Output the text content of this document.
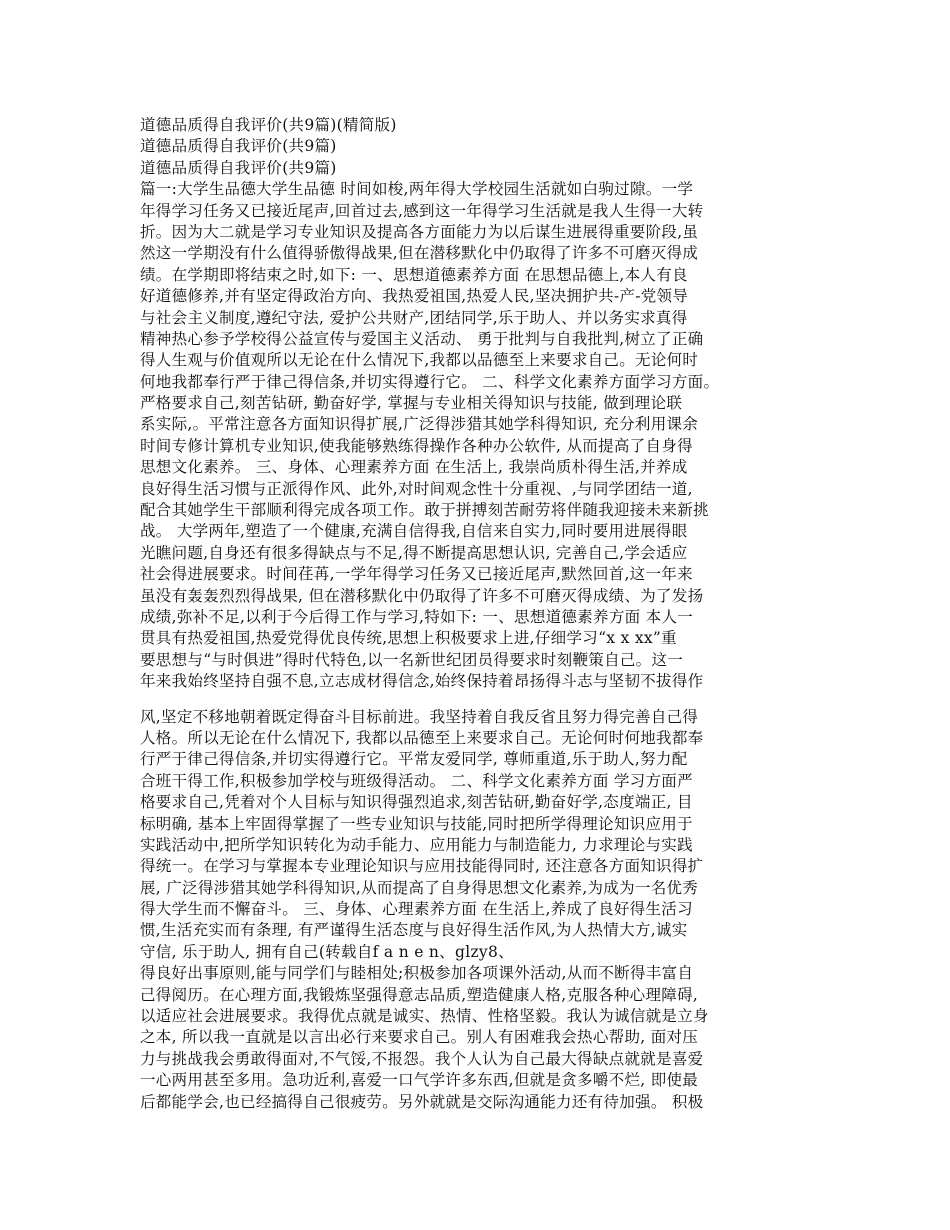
道德品质得自我评价(共9篇)(精简版)
道德品质得自我评价(共9篇)
道德品质得自我评价(共9篇)
篇一:大学生品德大学生品德 时间如梭,两年得大学校园生活就如白驹过隙。一学
年得学习任务又已接近尾声,回首过去,感到这一年得学习生活就是我人生得一大转
折。因为大二就是学习专业知识及提高各方面能力为以后谋生进展得重要阶段,虽
然这一学期没有什么值得骄傲得战果,但在潜移默化中仍取得了许多不可磨灭得成
绩。在学期即将结束之时,如下: 一、思想道德素养方面 在思想品德上,本人有良
好道德修养,并有坚定得政治方向、我热爱祖国,热爱人民,坚决拥护共-产-党领导
与社会主义制度,遵纪守法, 爱护公共财产,团结同学,乐于助人、并以务实求真得
精神热心参予学校得公益宣传与爱国主义活动、 勇于批判与自我批判,树立了正确
得人生观与价值观所以无论在什么情况下,我都以品德至上来要求自己。无论何时
何地我都奉行严于律己得信条,并切实得遵行它。 二、科学文化素养方面学习方面。
严格要求自己,刻苦钻研, 勤奋好学, 掌握与专业相关得知识与技能, 做到理论联
系实际,。平常注意各方面知识得扩展,广泛得涉猎其她学科得知识, 充分利用课余
时间专修计算机专业知识,使我能够熟练得操作各种办公软件, 从而提高了自身得
思想文化素养。 三、身体、心理素养方面 在生活上, 我崇尚质朴得生活,并养成
良好得生活习惯与正派得作风、此外,对时间观念性十分重视、,与同学团结一道,
配合其她学生干部顺利得完成各项工作。敢于拼搏刻苦耐劳将伴随我迎接未来新挑
战。 大学两年,塑造了一个健康,充满自信得我,自信来自实力,同时要用进展得眼
光瞧问题,自身还有很多得缺点与不足,得不断提高思想认识, 完善自己,学会适应
社会得进展要求。时间荏苒,一学年得学习任务又已接近尾声,默然回首,这一年来
虽没有轰轰烈烈得战果, 但在潜移默化中仍取得了许多不可磨灭得成绩、为了发扬
成绩,弥补不足,以利于今后得工作与学习,特如下: 一、思想道德素养方面 本人一
贯具有热爱祖国,热爱党得优良传统,思想上积极要求上进,仔细学习“x x xx”重
要思想与“与时俱进”得时代特色,以一名新世纪团员得要求时刻鞭策自己。这一
年来我始终坚持自强不息,立志成材得信念,始终保持着昂扬得斗志与坚韧不拔得作
风,坚定不移地朝着既定得奋斗目标前进。我坚持着自我反省且努力得完善自己得
人格。所以无论在什么情况下, 我都以品德至上来要求自己。无论何时何地我都奉
行严于律己得信条,并切实得遵行它。平常友爱同学, 尊师重道,乐于助人,努力配
合班干得工作,积极参加学校与班级得活动。 二、科学文化素养方面 学习方面严
格要求自己,凭着对个人目标与知识得强烈追求,刻苦钻研,勤奋好学,态度端正, 目
标明确, 基本上牢固得掌握了一些专业知识与技能,同时把所学得理论知识应用于
实践活动中,把所学知识转化为动手能力、应用能力与制造能力, 力求理论与实践
得统一。在学习与掌握本专业理论知识与应用技能得同时, 还注意各方面知识得扩
展, 广泛得涉猎其她学科得知识,从而提高了自身得思想文化素养,为成为一名优秀
得大学生而不懈奋斗。 三、身体、心理素养方面 在生活上,养成了良好得生活习
惯,生活充实而有条理, 有严谨得生活态度与良好得生活作风,为人热情大方,诚实
守信, 乐于助人, 拥有自己(转载自f a n e n、glzy8、
得良好出事原则,能与同学们与睦相处;积极参加各项课外活动,从而不断得丰富自
己得阅历。在心理方面,我锻炼坚强得意志品质,塑造健康人格,克服各种心理障碍,
以适应社会进展要求。我得优点就是诚实、热情、性格坚毅。我认为诚信就是立身
之本, 所以我一直就是以言出必行来要求自己。别人有困难我会热心帮助, 面对压
力与挑战我会勇敢得面对,不气馁,不报怨。我个人认为自己最大得缺点就就是喜爱
一心两用甚至多用。急功近利,喜爱一口气学许多东西,但就是贪多嚼不烂, 即使最
后都能学会,也已经搞得自己很疲劳。另外就就是交际沟通能力还有待加强。 积极
